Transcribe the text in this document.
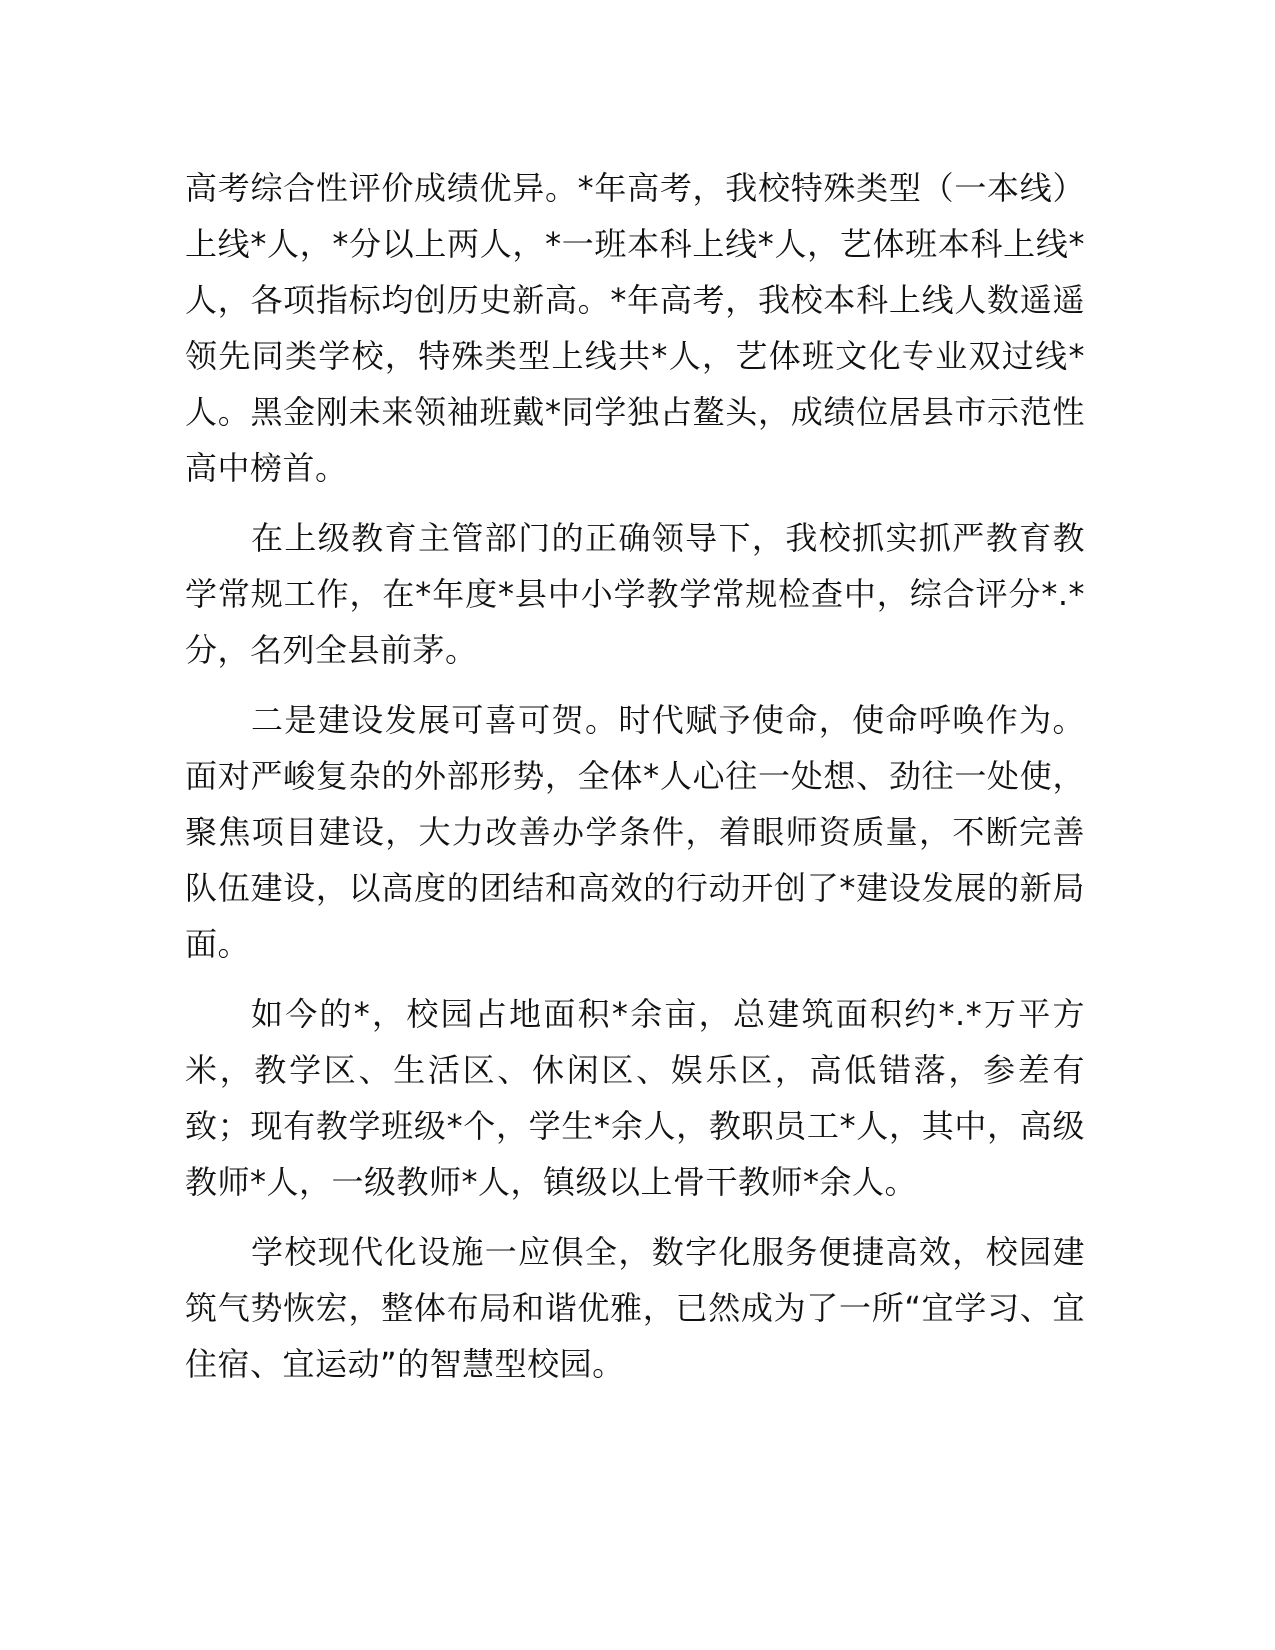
高考综合性评价成绩优异。*年高考，我校特殊类型（一本线）上线*人，*分以上两人，*一班本科上线*人，艺体班本科上线*人，各项指标均创历史新高。*年高考，我校本科上线人数遥遥领先同类学校，特殊类型上线共*人，艺体班文化专业双过线*人。黑金刚未来领袖班戴*同学独占鳌头，成绩位居县市示范性高中榜首。

在上级教育主管部门的正确领导下，我校抓实抓严教育教学常规工作，在*年度*县中小学教学常规检查中，综合评分*.*分，名列全县前茅。

二是建设发展可喜可贺。时代赋予使命，使命呼唤作为。面对严峻复杂的外部形势，全体*人心往一处想、劲往一处使，聚焦项目建设，大力改善办学条件，着眼师资质量，不断完善队伍建设，以高度的团结和高效的行动开创了*建设发展的新局面。

如今的*，校园占地面积*余亩，总建筑面积约*.*万平方米，教学区、生活区、休闲区、娱乐区，高低错落，参差有致；现有教学班级*个，学生*余人，教职员工*人，其中，高级教师*人，一级教师*人，镇级以上骨干教师*余人。

学校现代化设施一应俱全，数字化服务便捷高效，校园建筑气势恢宏，整体布局和谐优雅，已然成为了一所“宜学习、宜住宿、宜运动”的智慧型校园。
